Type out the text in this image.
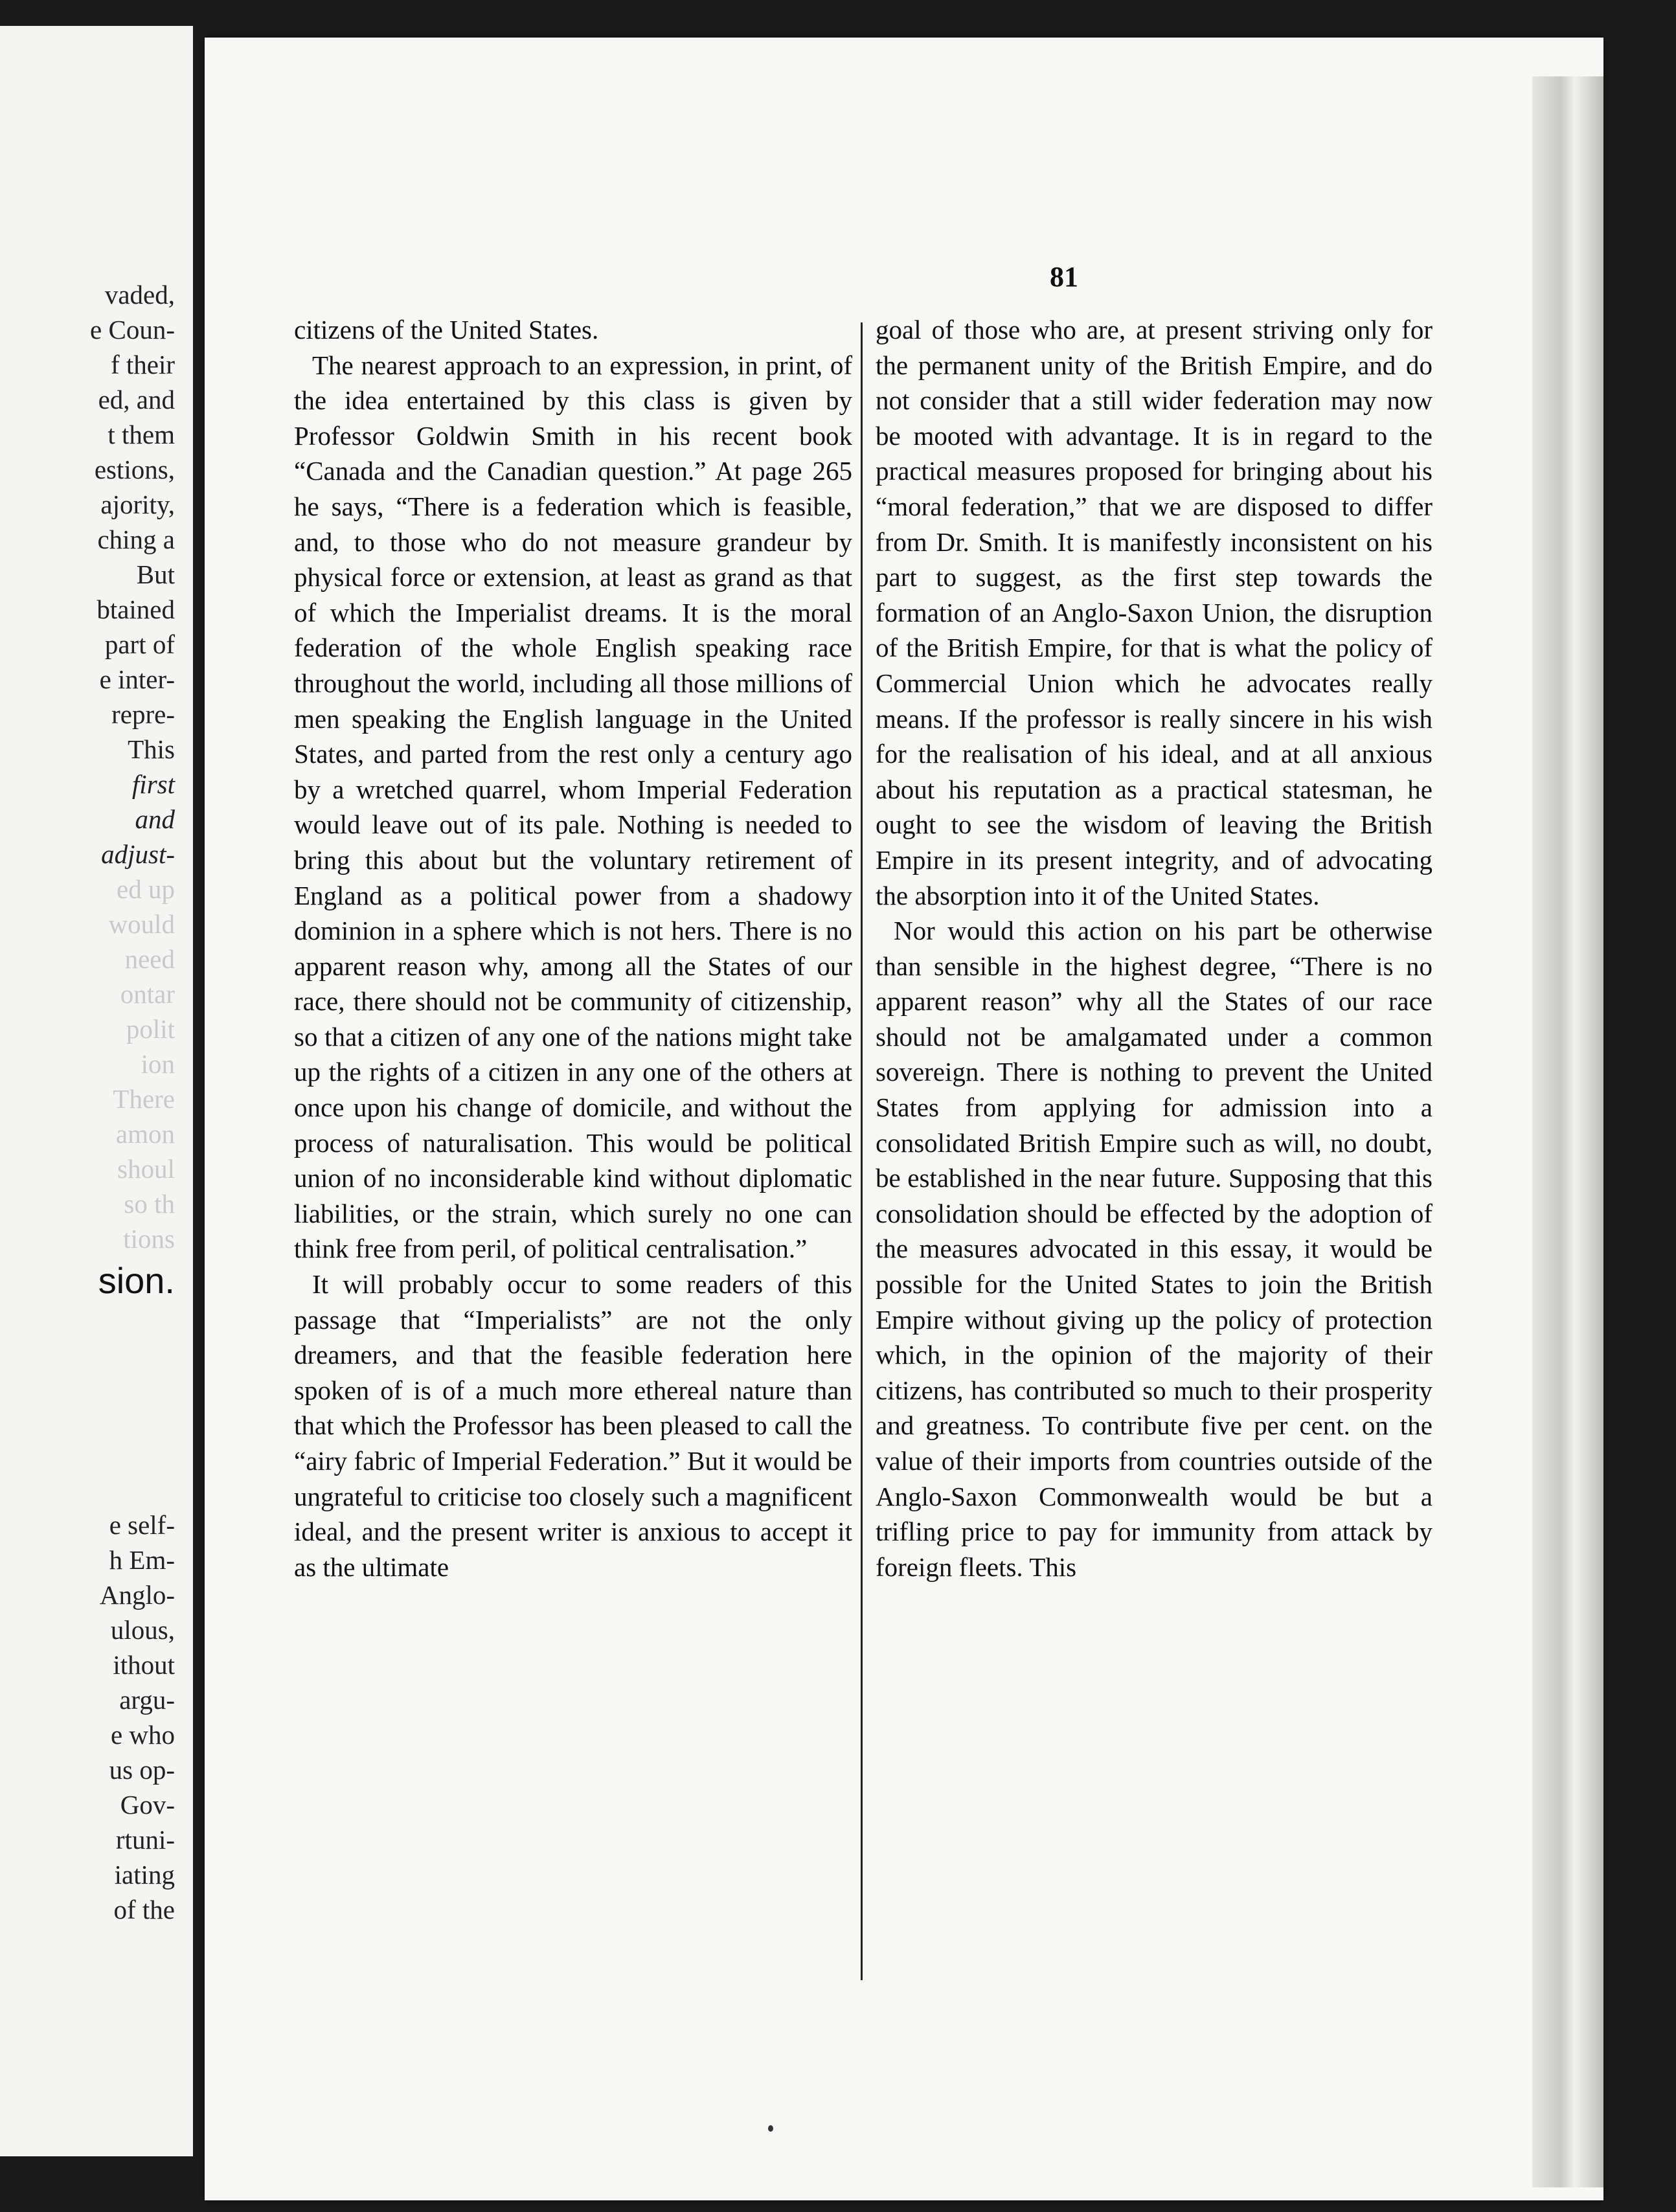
vaded,

e Coun-

f their

ed, and

t them

estions,

ajority,

ching a

But

btained

part of

e inter-

repre-

This

first

and

adjust-

ed up

would

need

ontar

polit

ion

There

amon

shoul

so th

tions

sion.

e self-

h Em-

Anglo-

ulous,

ithout

argu-

e who

us op-

Gov-

rtuni-

iating

of the

81

citizens of the United States.

The nearest approach to an expression, in print, of the idea entertained by this class is given by Professor Goldwin Smith in his recent book “Canada and the Canadian question.” At page 265 he says, “There is a federation which is feasible, and, to those who do not measure grandeur by physical force or extension, at least as grand as that of which the Imperialist dreams. It is the moral federation of the whole English speaking race throughout the world, including all those millions of men speaking the English language in the United States, and parted from the rest only a century ago by a wretched quarrel, whom Imperial Federation would leave out of its pale. Nothing is needed to bring this about but the voluntary retirement of England as a political power from a shadowy dominion in a sphere which is not hers. There is no apparent reason why, among all the States of our race, there should not be community of citizenship, so that a citizen of any one of the nations might take up the rights of a citizen in any one of the others at once upon his change of domicile, and without the process of naturalisation. This would be political union of no inconsiderable kind without diplomatic liabilities, or the strain, which surely no one can think free from peril, of political centralisation.”

It will probably occur to some readers of this passage that “Imperialists” are not the only dreamers, and that the feasible federation here spoken of is of a much more ethereal nature than that which the Professor has been pleased to call the “airy fabric of Imperial Federation.” But it would be ungrateful to criticise too closely such a magnificent ideal, and the present writer is anxious to accept it as the ultimate

goal of those who are, at present striving only for the permanent unity of the British Empire, and do not consider that a still wider federation may now be mooted with advantage. It is in regard to the practical measures proposed for bringing about his “moral federation,” that we are disposed to differ from Dr. Smith. It is manifestly inconsistent on his part to suggest, as the first step towards the formation of an Anglo-Saxon Union, the disruption of the British Empire, for that is what the policy of Commercial Union which he advocates really means. If the professor is really sincere in his wish for the realisation of his ideal, and at all anxious about his reputation as a practical statesman, he ought to see the wisdom of leaving the British Empire in its present integrity, and of advocating the absorption into it of the United States.

Nor would this action on his part be otherwise than sensible in the highest degree, “There is no apparent reason” why all the States of our race should not be amalgamated under a common sovereign. There is nothing to prevent the United States from applying for admission into a consolidated British Empire such as will, no doubt, be established in the near future. Supposing that this consolidation should be effected by the adoption of the measures advocated in this essay, it would be possible for the United States to join the British Empire without giving up the policy of protection which, in the opinion of the majority of their citizens, has contributed so much to their prosperity and greatness. To contribute five per cent. on the value of their imports from countries outside of the Anglo-Saxon Commonwealth would be but a trifling price to pay for immunity from attack by foreign fleets. This
